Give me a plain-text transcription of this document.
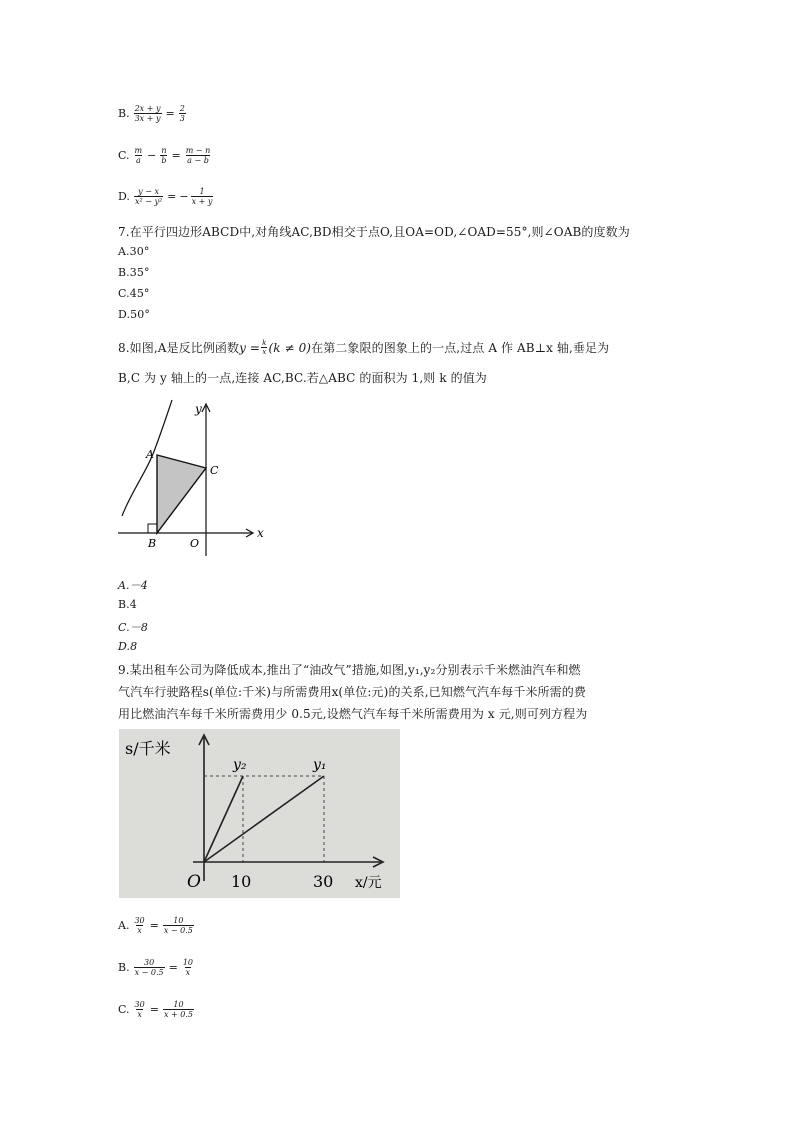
B. $\frac{2x + y}{3x + y} = \frac{2}{3}$
C. $\frac{m}{a} - \frac{n}{b} = \frac{m - n}{a - b}$
D. $\frac{y - x}{\text{x² − y²}}$ = − $\frac{1}{x + y}$
7.在平行四边形ABCD中,对角线AC,BD相交于点O,且OA=OD,∠OAD=55°,则∠OAB的度数为
A.30°
B.35°
C.45°
D.50°
8.如图,A是反比例函数 $y = \frac{k}{x} (k \ne 0)$ 在第二象限的图象上的一点,过点 A 作 AB⊥x 轴,垂足为
B,C 为 y 轴上的一点,连接 AC,BC.若△ABC 的面积为 1,则 k 的值为
y
x
A
B
C
O
A.－4
B.4
C.－8
D.8
9.某出租车公司为降低成本,推出了“油改气”措施,如图,y₁,y₂分别表示千米燃油汽车和燃
气汽车行驶路程s(单位:千米)与所需费用x(单位:元)的关系,已知燃气汽车每千米所需的费
用比燃油汽车每千米所需费用少 0.5元,设燃气汽车每千米所需费用为 x 元,则可列方程为
s/千米
y₂	y₁
O 10	30 x/元
A. $\frac{30}{x} = \frac{10}{x - 0.5}$
B. $\frac{30}{x - 0.5} = \frac{10}{x}$
C. $\frac{30}{x} = \frac{10}{x + 0.5}$
